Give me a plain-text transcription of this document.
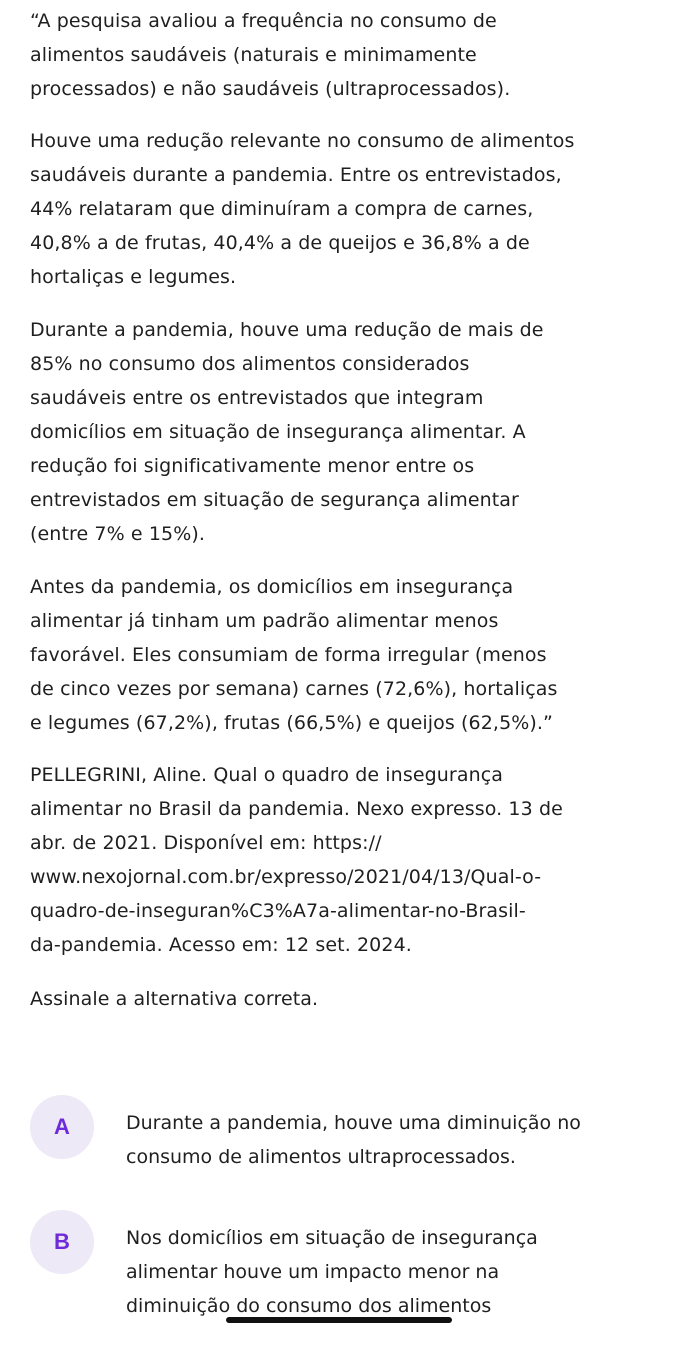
“A pesquisa avaliou a frequência no consumo de
alimentos saudáveis (naturais e minimamente
processados) e não saudáveis (ultraprocessados).

Houve uma redução relevante no consumo de alimentos
saudáveis durante a pandemia. Entre os entrevistados,
44% relataram que diminuíram a compra de carnes,
40,8% a de frutas, 40,4% a de queijos e 36,8% a de
hortaliças e legumes.

Durante a pandemia, houve uma redução de mais de
85% no consumo dos alimentos considerados
saudáveis entre os entrevistados que integram
domicílios em situação de insegurança alimentar. A
redução foi significativamente menor entre os
entrevistados em situação de segurança alimentar
(entre 7% e 15%).

Antes da pandemia, os domicílios em insegurança
alimentar já tinham um padrão alimentar menos
favorável. Eles consumiam de forma irregular (menos
de cinco vezes por semana) carnes (72,6%), hortaliças
e legumes (67,2%), frutas (66,5%) e queijos (62,5%).”

PELLEGRINI, Aline. Qual o quadro de insegurança
alimentar no Brasil da pandemia. Nexo expresso. 13 de
abr. de 2021. Disponível em: https://
www.nexojornal.com.br/expresso/2021/04/13/Qual-o-
quadro-de-inseguran%C3%A7a-alimentar-no-Brasil-
da-pandemia. Acesso em: 12 set. 2024.

Assinale a alternativa correta.

A	Durante a pandemia, houve uma diminuição no
consumo de alimentos ultraprocessados.
B	Nos domicílios em situação de insegurança
alimentar houve um impacto menor na
diminuição do consumo dos alimentos
